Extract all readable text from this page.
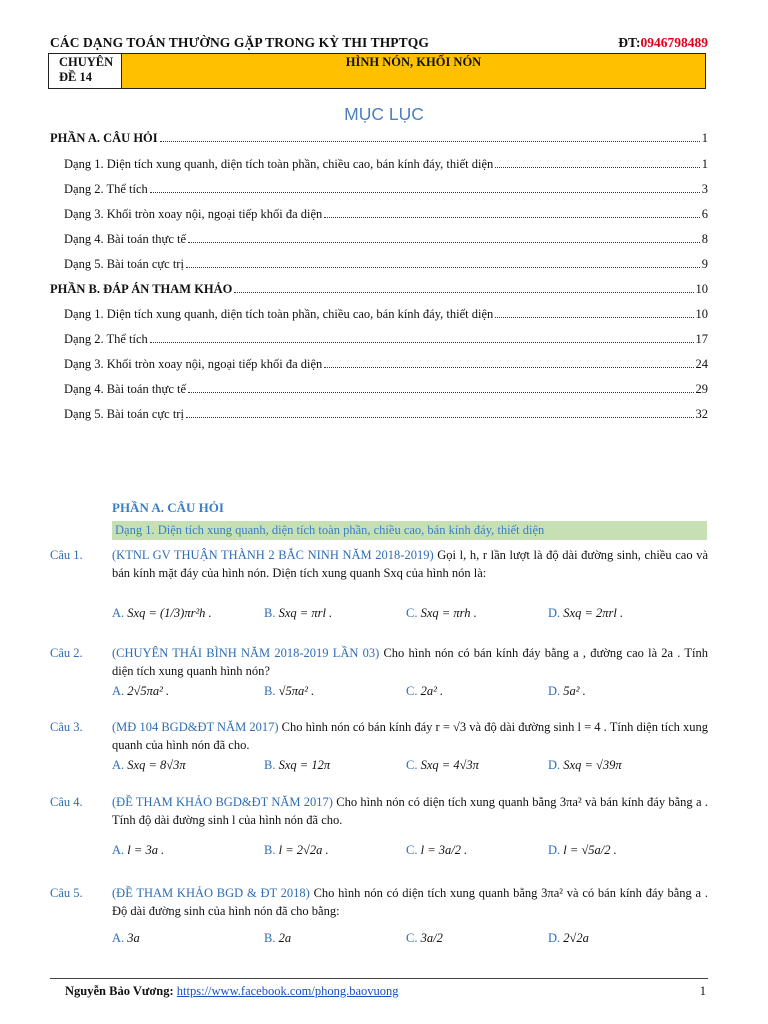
CÁC DẠNG TOÁN THƯỜNG GẶP TRONG KỲ THI THPTQG	ĐT:0946798489
CHUYÊN
ĐỀ 14
HÌNH NÓN, KHỐI NÓN
MỤC LỤC
PHẦN A. CÂU HỎI	1
Dạng 1. Diện tích xung quanh, diện tích toàn phần, chiều cao, bán kính đáy, thiết diện	1
Dạng 2. Thể tích	3
Dạng 3. Khối tròn xoay nội, ngoại tiếp khối đa diện	6
Dạng 4. Bài toán thực tế	8
Dạng 5. Bài toán cực trị	9
PHẦN B. ĐÁP ÁN THAM KHẢO	10
Dạng 1. Diện tích xung quanh, diện tích toàn phần, chiều cao, bán kính đáy, thiết diện	10
Dạng 2. Thể tích	17
Dạng 3. Khối tròn xoay nội, ngoại tiếp khối đa diện	24
Dạng 4. Bài toán thực tế	29
Dạng 5. Bài toán cực trị	32
PHẦN A. CÂU HỎI
Dạng 1. Diện tích xung quanh, diện tích toàn phần, chiều cao, bán kính đáy, thiết diện
Câu 1. (KTNL GV THUẬN THÀNH 2 BẮC NINH NĂM 2018-2019) Gọi l, h, r lần lượt là độ dài đường sinh, chiều cao và bán kính mặt đáy của hình nón. Diện tích xung quanh Sxq của hình nón là:
A. Sxq = (1/3)πr²h .	B. Sxq = πrl .	C. Sxq = πrh .	D. Sxq = 2πrl .
Câu 2. (CHUYÊN THÁI BÌNH NĂM 2018-2019 LẦN 03) Cho hình nón có bán kính đáy bằng a , đường cao là 2a . Tính diện tích xung quanh hình nón?
A. 2√5πa² .	B. √5πa² .	C. 2a² .	D. 5a² .
Câu 3. (MĐ 104 BGD&ĐT NĂM 2017) Cho hình nón có bán kính đáy r = √3 và độ dài đường sinh l = 4 . Tính diện tích xung quanh của hình nón đã cho.
A. Sxq = 8√3π	B. Sxq = 12π	C. Sxq = 4√3π	D. Sxq = √39π
Câu 4. (ĐỀ THAM KHẢO BGD&ĐT NĂM 2017) Cho hình nón có diện tích xung quanh bằng 3πa² và bán kính đáy bằng a . Tính độ dài đường sinh l của hình nón đã cho.
A. l = 3a .	B. l = 2√2a .	C. l = 3a/2 .	D. l = √5a/2 .
Câu 5. (ĐỀ THAM KHẢO BGD & ĐT 2018) Cho hình nón có diện tích xung quanh bằng 3πa² và có bán kính đáy bằng a . Độ dài đường sinh của hình nón đã cho bằng:
A. 3a	B. 2a	C. 3a/2	D. 2√2a
Nguyễn Bảo Vương: https://www.facebook.com/phong.baovuong	1
